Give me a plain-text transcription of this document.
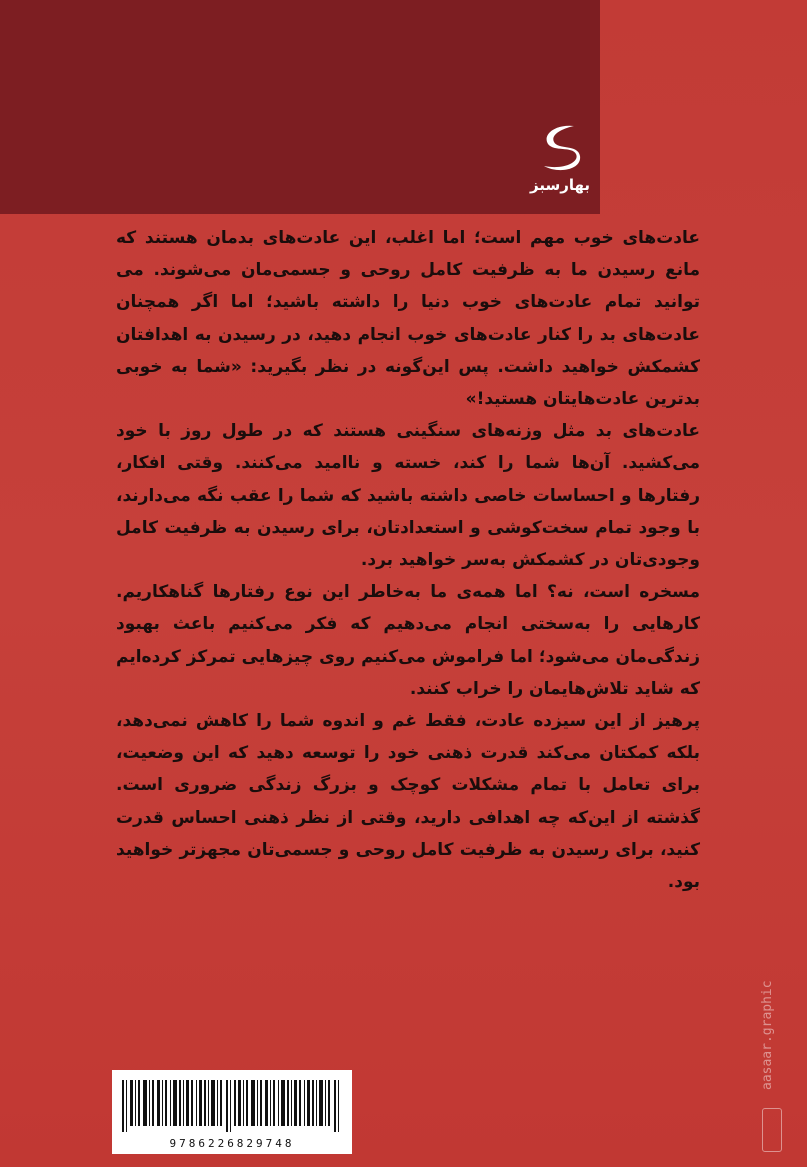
بهارسبز
عادت‌های خوب مهم است؛ اما اغلب، این عادت‌های بدمان هستند که مانع رسیدن ما به ظرفیت کامل روحی و جسمی‌مان می‌شوند. می توانید تمام عادت‌های خوب دنیا را داشته باشید؛ اما اگر همچنان عادت‌های بد را کنار عادت‌های خوب انجام دهید، در رسیدن به اهدافتان کشمکش خواهید داشت. پس این‌گونه در نظر بگیرید: «شما به خوبی بدترین عادت‌هایتان هستید!»
عادت‌های بد مثل وزنه‌های سنگینی هستند که در طول روز با خود می‌کشید. آن‌ها شما را کند، خسته و ناامید می‌کنند. وقتی افکار، رفتارها و احساسات خاصی داشته باشید که شما را عقب نگه می‌دارند، با وجود تمام سخت‌کوشی و استعدادتان، برای رسیدن به ظرفیت کامل وجودی‌تان در کشمکش به‌سر خواهید برد.
مسخره است، نه؟ اما همه‌ی ما به‌خاطر این نوع رفتارها گناهکاریم. کارهایی را به‌سختی انجام می‌دهیم که فکر می‌کنیم باعث بهبود زندگی‌مان می‌شود؛ اما فراموش می‌کنیم روی چیزهایی تمرکز کرده‌ایم که شاید تلاش‌هایمان را خراب کنند.
پرهیز از این سیزده عادت، فقط غم و اندوه شما را کاهش نمی‌دهد، بلکه کمکتان می‌کند قدرت ذهنی خود را توسعه دهید که این وضعیت، برای تعامل با تمام مشکلات کوچک و بزرگ زندگی ضروری است. گذشته از این‌که چه اهدافی دارید، وقتی از نظر ذهنی احساس قدرت کنید، برای رسیدن به ظرفیت کامل روحی و جسمی‌تان مجهزتر خواهید بود.
9786226829748
aasaar.graphic
